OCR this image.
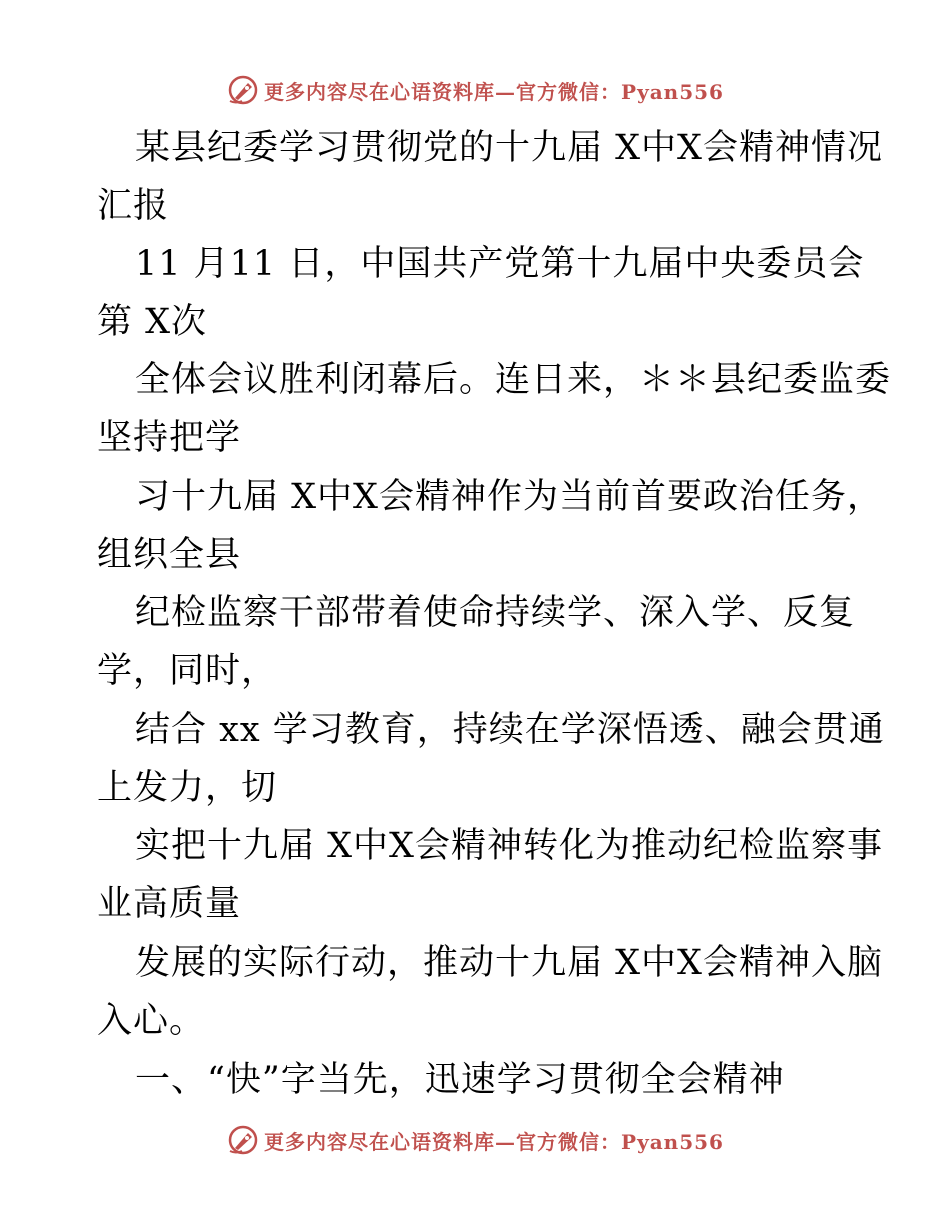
更多内容尽在心语资料库—官方微信：Pyan556
某县纪委学习贯彻党的十九届 X中X会精神情况
汇报
11 月11 日，中国共产党第十九届中央委员会
第 X次
全体会议胜利闭幕后。连日来，＊＊县纪委监委
坚持把学
习十九届 X中X会精神作为当前首要政治任务，
组织全县
纪检监察干部带着使命持续学、深入学、反复
学，同时，
结合 xx 学习教育，持续在学深悟透、融会贯通
上发力，切
实把十九届 X中X会精神转化为推动纪检监察事
业高质量
发展的实际行动，推动十九届 X中X会精神入脑
入心。
一、“快”字当先，迅速学习贯彻全会精神
更多内容尽在心语资料库—官方微信：Pyan556
